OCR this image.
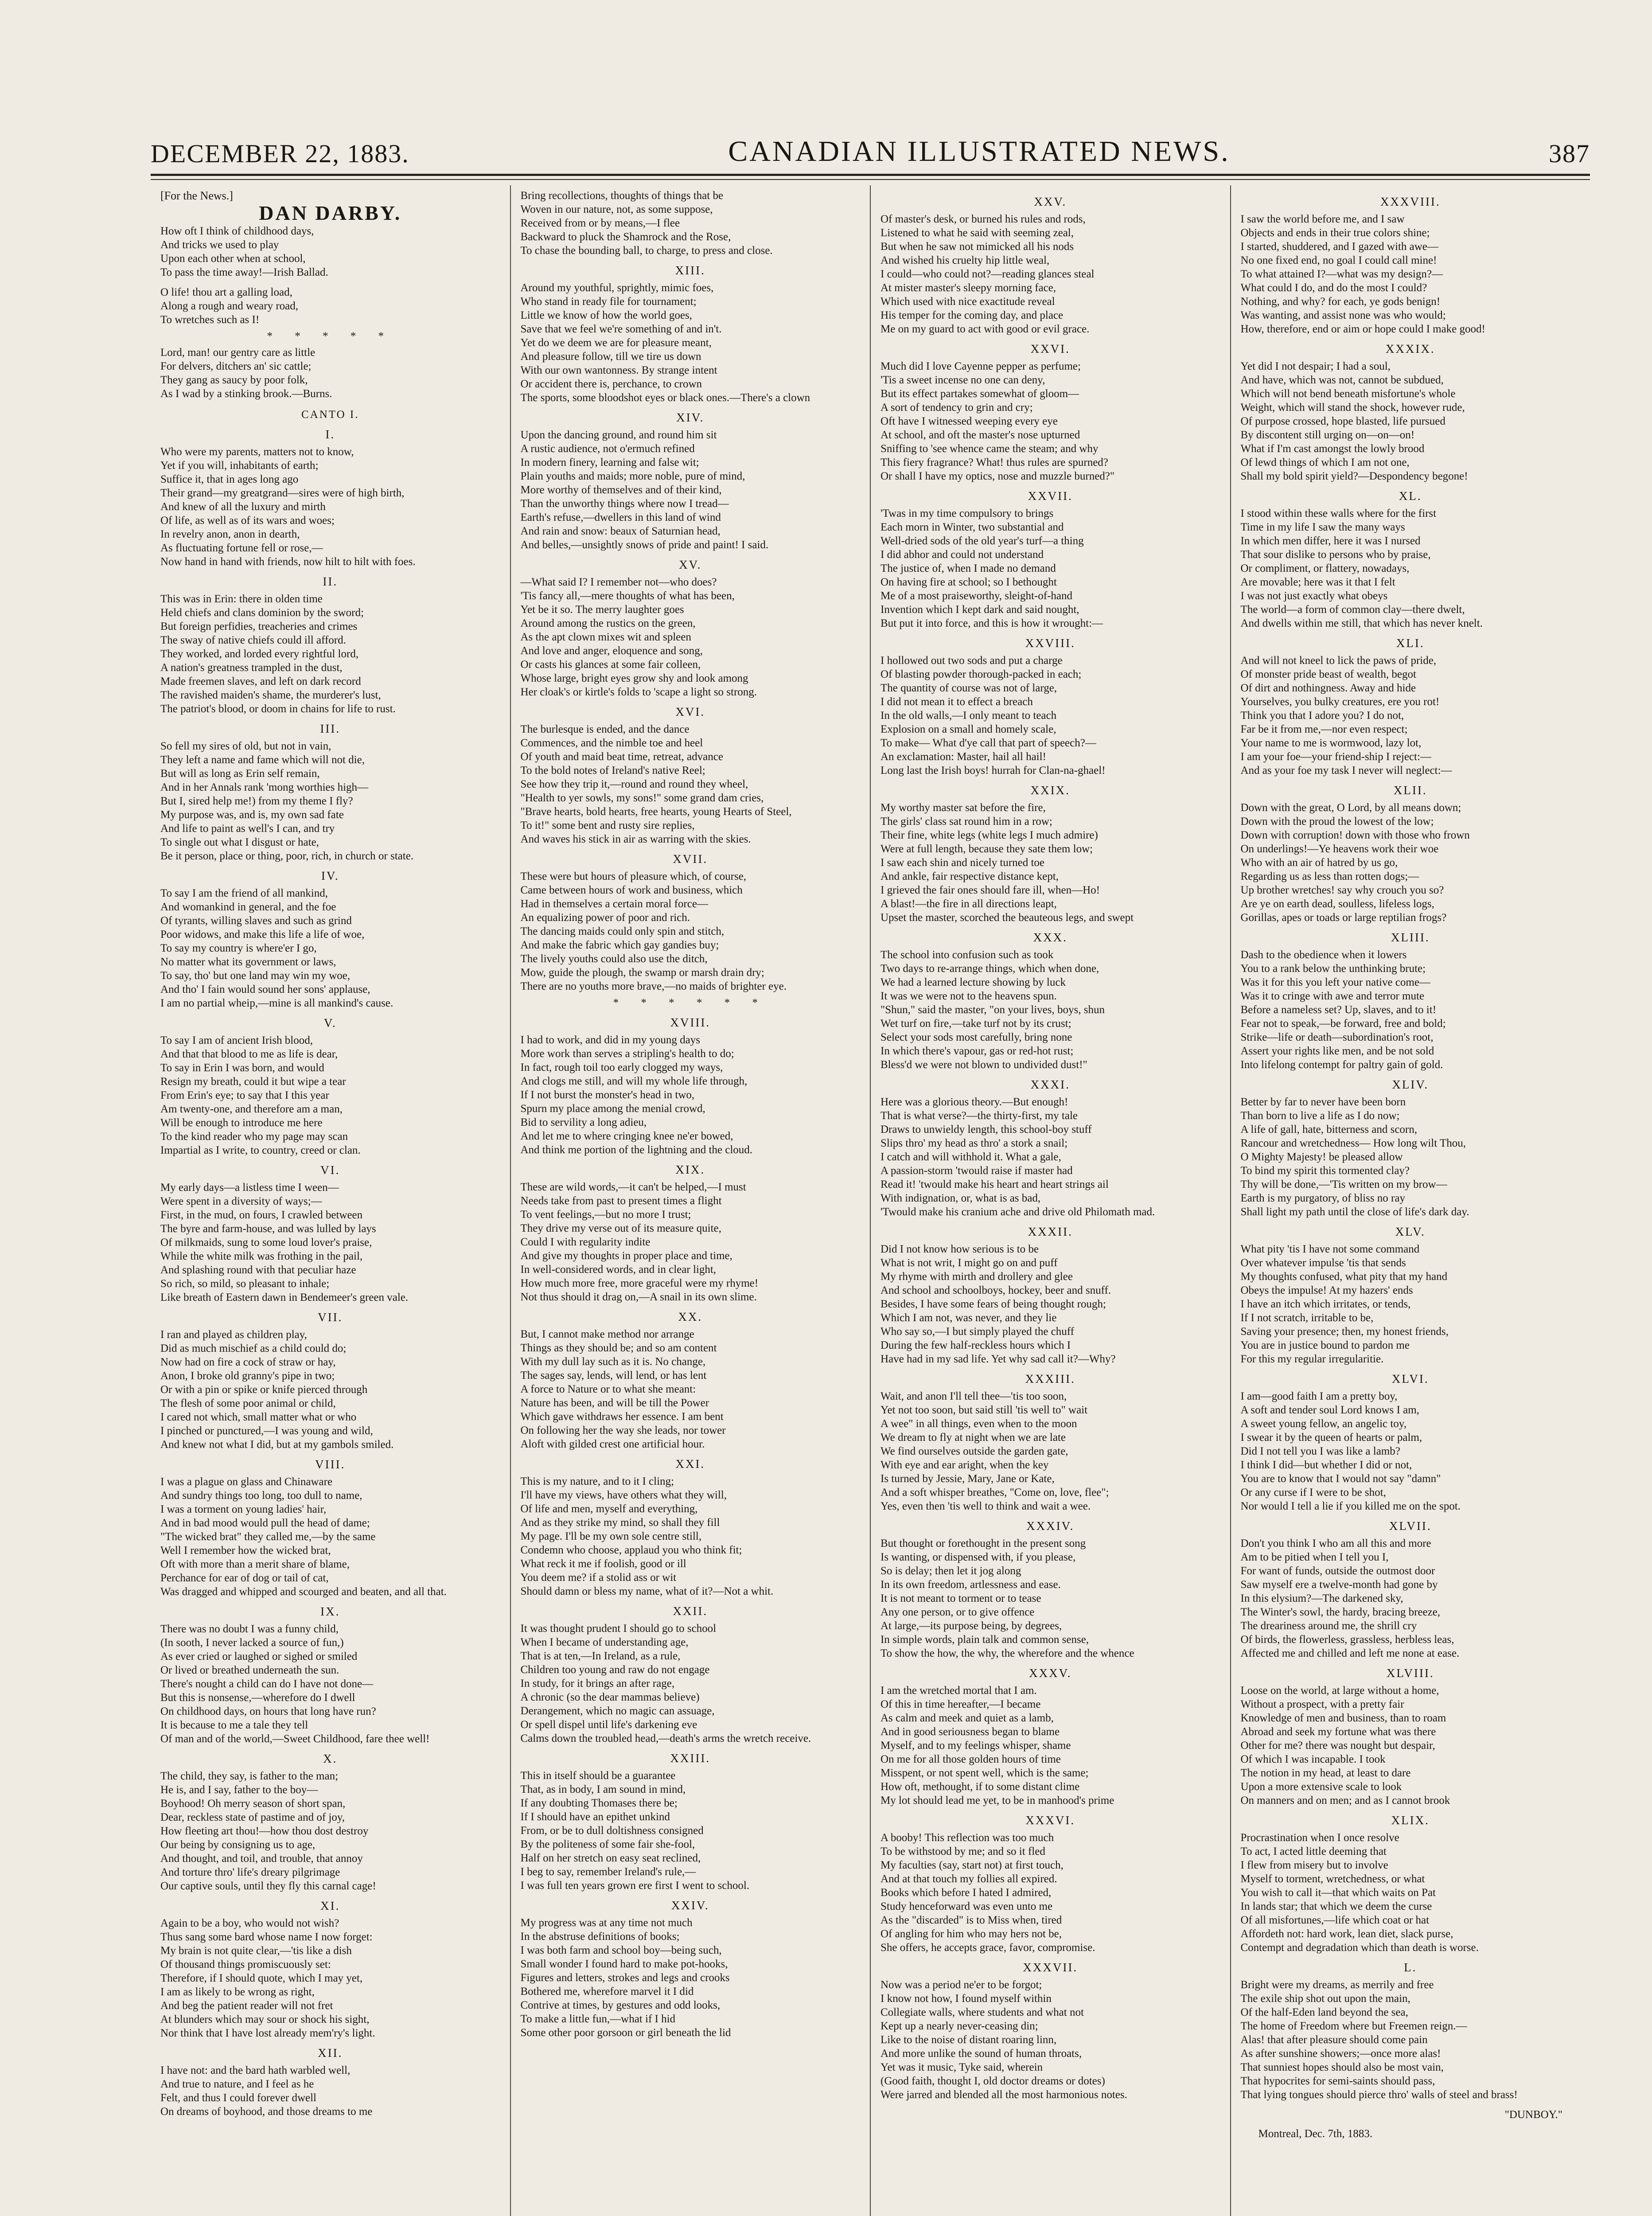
DECEMBER 22, 1883.	CANADIAN ILLUSTRATED NEWS.	387

[For the News.]

DAN DARBY.

How oft I think of childhood days,

And tricks we used to play

Upon each other when at school,

To pass the time away!—Irish Ballad.

O life! thou art a galling load,

Along a rough and weary road,

To wretches such as I!

* * * * *

Lord, man! our gentry care as little

For delvers, ditchers an' sic cattle;

They gang as saucy by poor folk,

As I wad by a stinking brook.—Burns.

CANTO I.

I.

Who were my parents, matters not to know,

Yet if you will, inhabitants of earth;

Suffice it, that in ages long ago

Their grand—my greatgrand—sires were of high birth,

And knew of all the luxury and mirth

Of life, as well as of its wars and woes;

In revelry anon, anon in dearth,

As fluctuating fortune fell or rose,—

Now hand in hand with friends, now hilt to hilt with foes.

II.

This was in Erin: there in olden time

Held chiefs and clans dominion by the sword;

But foreign perfidies, treacheries and crimes

The sway of native chiefs could ill afford.

They worked, and lorded every rightful lord,

A nation's greatness trampled in the dust,

Made freemen slaves, and left on dark record

The ravished maiden's shame, the murderer's lust,

The patriot's blood, or doom in chains for life to rust.

III.

So fell my sires of old, but not in vain,

They left a name and fame which will not die,

But will as long as Erin self remain,

And in her Annals rank 'mong worthies high—

But I, sired help me!) from my theme I fly?

My purpose was, and is, my own sad fate

And life to paint as well's I can, and try

To single out what I disgust or hate,

Be it person, place or thing, poor, rich, in church or state.

IV.

To say I am the friend of all mankind,

And womankind in general, and the foe

Of tyrants, willing slaves and such as grind

Poor widows, and make this life a life of woe,

To say my country is where'er I go,

No matter what its government or laws,

To say, tho' but one land may win my woe,

And tho' I fain would sound her sons' applause,

I am no partial wheip,—mine is all mankind's cause.

V.

To say I am of ancient Irish blood,

And that that blood to me as life is dear,

To say in Erin I was born, and would

Resign my breath, could it but wipe a tear

From Erin's eye; to say that I this year

Am twenty-one, and therefore am a man,

Will be enough to introduce me here

To the kind reader who my page may scan

Impartial as I write, to country, creed or clan.

VI.

My early days—a listless time I ween—

Were spent in a diversity of ways;—

First, in the mud, on fours, I crawled between

The byre and farm-house, and was lulled by lays

Of milkmaids, sung to some loud lover's praise,

While the white milk was frothing in the pail,

And splashing round with that peculiar haze

So rich, so mild, so pleasant to inhale;

Like breath of Eastern dawn in Bendemeer's green vale.

VII.

I ran and played as children play,

Did as much mischief as a child could do;

Now had on fire a cock of straw or hay,

Anon, I broke old granny's pipe in two;

Or with a pin or spike or knife pierced through

The flesh of some poor animal or child,

I cared not which, small matter what or who

I pinched or punctured,—I was young and wild,

And knew not what I did, but at my gambols smiled.

VIII.

I was a plague on glass and Chinaware

And sundry things too long, too dull to name,

I was a torment on young ladies' hair,

And in bad mood would pull the head of dame;

"The wicked brat" they called me,—by the same

Well I remember how the wicked brat,

Oft with more than a merit share of blame,

Perchance for ear of dog or tail of cat,

Was dragged and whipped and scourged and beaten, and all that.

IX.

There was no doubt I was a funny child,

(In sooth, I never lacked a source of fun,)

As ever cried or laughed or sighed or smiled

Or lived or breathed underneath the sun.

There's nought a child can do I have not done—

But this is nonsense,—wherefore do I dwell

On childhood days, on hours that long have run?

It is because to me a tale they tell

Of man and of the world,—Sweet Childhood, fare thee well!

X.

The child, they say, is father to the man;

He is, and I say, father to the boy—

Boyhood! Oh merry season of short span,

Dear, reckless state of pastime and of joy,

How fleeting art thou!—how thou dost destroy

Our being by consigning us to age,

And thought, and toil, and trouble, that annoy

And torture thro' life's dreary pilgrimage

Our captive souls, until they fly this carnal cage!

XI.

Again to be a boy, who would not wish?

Thus sang some bard whose name I now forget:

My brain is not quite clear,—'tis like a dish

Of thousand things promiscuously set:

Therefore, if I should quote, which I may yet,

I am as likely to be wrong as right,

And beg the patient reader will not fret

At blunders which may sour or shock his sight,

Nor think that I have lost already mem'ry's light.

XII.

I have not: and the bard hath warbled well,

And true to nature, and I feel as he

Felt, and thus I could forever dwell

On dreams of boyhood, and those dreams to me

Bring recollections, thoughts of things that be

Woven in our nature, not, as some suppose,

Received from or by means,—I flee

Backward to pluck the Shamrock and the Rose,

To chase the bounding ball, to charge, to press and close.

XIII.

Around my youthful, sprightly, mimic foes,

Who stand in ready file for tournament;

Little we know of how the world goes,

Save that we feel we're something of and in't.

Yet do we deem we are for pleasure meant,

And pleasure follow, till we tire us down

With our own wantonness. By strange intent

Or accident there is, perchance, to crown

The sports, some bloodshot eyes or black ones.—There's a clown

XIV.

Upon the dancing ground, and round him sit

A rustic audience, not o'ermuch refined

In modern finery, learning and false wit;

Plain youths and maids; more noble, pure of mind,

More worthy of themselves and of their kind,

Than the unworthy things where now I tread—

Earth's refuse,—dwellers in this land of wind

And rain and snow: beaux of Saturnian head,

And belles,—unsightly snows of pride and paint! I said.

XV.

—What said I? I remember not—who does?

'Tis fancy all,—mere thoughts of what has been,

Yet be it so. The merry laughter goes

Around among the rustics on the green,

As the apt clown mixes wit and spleen

And love and anger, eloquence and song,

Or casts his glances at some fair colleen,

Whose large, bright eyes grow shy and look among

Her cloak's or kirtle's folds to 'scape a light so strong.

XVI.

The burlesque is ended, and the dance

Commences, and the nimble toe and heel

Of youth and maid beat time, retreat, advance

To the bold notes of Ireland's native Reel;

See how they trip it,—round and round they wheel,

"Health to yer sowls, my sons!" some grand dam cries,

"Brave hearts, bold hearts, free hearts, young Hearts of Steel,

To it!" some bent and rusty sire replies,

And waves his stick in air as warring with the skies.

XVII.

These were but hours of pleasure which, of course,

Came between hours of work and business, which

Had in themselves a certain moral force—

An equalizing power of poor and rich.

The dancing maids could only spin and stitch,

And make the fabric which gay gandies buy;

The lively youths could also use the ditch,

Mow, guide the plough, the swamp or marsh drain dry;

There are no youths more brave,—no maids of brighter eye.

* * * * * *

XVIII.

I had to work, and did in my young days

More work than serves a stripling's health to do;

In fact, rough toil too early clogged my ways,

And clogs me still, and will my whole life through,

If I not burst the monster's head in two,

Spurn my place among the menial crowd,

Bid to servility a long adieu,

And let me to where cringing knee ne'er bowed,

And think me portion of the lightning and the cloud.

XIX.

These are wild words,—it can't be helped,—I must

Needs take from past to present times a flight

To vent feelings,—but no more I trust;

They drive my verse out of its measure quite,

Could I with regularity indite

And give my thoughts in proper place and time,

In well-considered words, and in clear light,

How much more free, more graceful were my rhyme!

Not thus should it drag on,—A snail in its own slime.

XX.

But, I cannot make method nor arrange

Things as they should be; and so am content

With my dull lay such as it is. No change,

The sages say, lends, will lend, or has lent

A force to Nature or to what she meant:

Nature has been, and will be till the Power

Which gave withdraws her essence. I am bent

On following her the way she leads, nor tower

Aloft with gilded crest one artificial hour.

XXI.

This is my nature, and to it I cling;

I'll have my views, have others what they will,

Of life and men, myself and everything,

And as they strike my mind, so shall they fill

My page. I'll be my own sole centre still,

Condemn who choose, applaud you who think fit;

What reck it me if foolish, good or ill

You deem me? if a stolid ass or wit

Should damn or bless my name, what of it?—Not a whit.

XXII.

It was thought prudent I should go to school

When I became of understanding age,

That is at ten,—In Ireland, as a rule,

Children too young and raw do not engage

In study, for it brings an after rage,

A chronic (so the dear mammas believe)

Derangement, which no magic can assuage,

Or spell dispel until life's darkening eve

Calms down the troubled head,—death's arms the wretch receive.

XXIII.

This in itself should be a guarantee

That, as in body, I am sound in mind,

If any doubting Thomases there be;

If I should have an epithet unkind

From, or be to dull doltishness consigned

By the politeness of some fair she-fool,

Half on her stretch on easy seat reclined,

I beg to say, remember Ireland's rule,—

I was full ten years grown ere first I went to school.

XXIV.

My progress was at any time not much

In the abstruse definitions of books;

I was both farm and school boy—being such,

Small wonder I found hard to make pot-hooks,

Figures and letters, strokes and legs and crooks

Bothered me, wherefore marvel it I did

Contrive at times, by gestures and odd looks,

To make a little fun,—what if I hid

Some other poor gorsoon or girl beneath the lid

XXV.

Of master's desk, or burned his rules and rods,

Listened to what he said with seeming zeal,

But when he saw not mimicked all his nods

And wished his cruelty hip little weal,

I could—who could not?—reading glances steal

At mister master's sleepy morning face,

Which used with nice exactitude reveal

His temper for the coming day, and place

Me on my guard to act with good or evil grace.

XXVI.

Much did I love Cayenne pepper as perfume;

'Tis a sweet incense no one can deny,

But its effect partakes somewhat of gloom—

A sort of tendency to grin and cry;

Oft have I witnessed weeping every eye

At school, and oft the master's nose upturned

Sniffing to 'see whence came the steam; and why

This fiery fragrance? What! thus rules are spurned?

Or shall I have my optics, nose and muzzle burned?"

XXVII.

'Twas in my time compulsory to brings

Each morn in Winter, two substantial and

Well-dried sods of the old year's turf—a thing

I did abhor and could not understand

The justice of, when I made no demand

On having fire at school; so I bethought

Me of a most praiseworthy, sleight-of-hand

Invention which I kept dark and said nought,

But put it into force, and this is how it wrought:—

XXVIII.

I hollowed out two sods and put a charge

Of blasting powder thorough-packed in each;

The quantity of course was not of large,

I did not mean it to effect a breach

In the old walls,—I only meant to teach

Explosion on a small and homely scale,

To make— What d'ye call that part of speech?—

An exclamation: Master, hail all hail!

Long last the Irish boys! hurrah for Clan-na-ghael!

XXIX.

My worthy master sat before the fire,

The girls' class sat round him in a row;

Their fine, white legs (white legs I much admire)

Were at full length, because they sate them low;

I saw each shin and nicely turned toe

And ankle, fair respective distance kept,

I grieved the fair ones should fare ill, when—Ho!

A blast!—the fire in all directions leapt,

Upset the master, scorched the beauteous legs, and swept

XXX.

The school into confusion such as took

Two days to re-arrange things, which when done,

We had a learned lecture showing by luck

It was we were not to the heavens spun.

"Shun," said the master, "on your lives, boys, shun

Wet turf on fire,—take turf not by its crust;

Select your sods most carefully, bring none

In which there's vapour, gas or red-hot rust;

Bless'd we were not blown to undivided dust!"

XXXI.

Here was a glorious theory.—But enough!

That is what verse?—the thirty-first, my tale

Draws to unwieldy length, this school-boy stuff

Slips thro' my head as thro' a stork a snail;

I catch and will withhold it. What a gale,

A passion-storm 'twould raise if master had

Read it! 'twould make his heart and heart strings ail

With indignation, or, what is as bad,

'Twould make his cranium ache and drive old Philomath mad.

XXXII.

Did I not know how serious is to be

What is not writ, I might go on and puff

My rhyme with mirth and drollery and glee

And school and schoolboys, hockey, beer and snuff.

Besides, I have some fears of being thought rough;

Which I am not, was never, and they lie

Who say so,—I but simply played the chuff

During the few half-reckless hours which I

Have had in my sad life. Yet why sad call it?—Why?

XXXIII.

Wait, and anon I'll tell thee—'tis too soon,

Yet not too soon, but said still 'tis well to" wait

A wee" in all things, even when to the moon

We dream to fly at night when we are late

We find ourselves outside the garden gate,

With eye and ear aright, when the key

Is turned by Jessie, Mary, Jane or Kate,

And a soft whisper breathes, "Come on, love, flee";

Yes, even then 'tis well to think and wait a wee.

XXXIV.

But thought or forethought in the present song

Is wanting, or dispensed with, if you please,

So is delay; then let it jog along

In its own freedom, artlessness and ease.

It is not meant to torment or to tease

Any one person, or to give offence

At large,—its purpose being, by degrees,

In simple words, plain talk and common sense,

To show the how, the why, the wherefore and the whence

XXXV.

I am the wretched mortal that I am.

Of this in time hereafter,—I became

As calm and meek and quiet as a lamb,

And in good seriousness began to blame

Myself, and to my feelings whisper, shame

On me for all those golden hours of time

Misspent, or not spent well, which is the same;

How oft, methought, if to some distant clime

My lot should lead me yet, to be in manhood's prime

XXXVI.

A booby! This reflection was too much

To be withstood by me; and so it fled

My faculties (say, start not) at first touch,

And at that touch my follies all expired.

Books which before I hated I admired,

Study henceforward was even unto me

As the "discarded" is to Miss when, tired

Of angling for him who may hers not be,

She offers, he accepts grace, favor, compromise.

XXXVII.

Now was a period ne'er to be forgot;

I know not how, I found myself within

Collegiate walls, where students and what not

Kept up a nearly never-ceasing din;

Like to the noise of distant roaring linn,

And more unlike the sound of human throats,

Yet was it music, Tyke said, wherein

(Good faith, thought I, old doctor dreams or dotes)

Were jarred and blended all the most harmonious notes.

XXXVIII.

I saw the world before me, and I saw

Objects and ends in their true colors shine;

I started, shuddered, and I gazed with awe—

No one fixed end, no goal I could call mine!

To what attained I?—what was my design?—

What could I do, and do the most I could?

Nothing, and why? for each, ye gods benign!

Was wanting, and assist none was who would;

How, therefore, end or aim or hope could I make good!

XXXIX.

Yet did I not despair; I had a soul,

And have, which was not, cannot be subdued,

Which will not bend beneath misfortune's whole

Weight, which will stand the shock, however rude,

Of purpose crossed, hope blasted, life pursued

By discontent still urging on—on—on!

What if I'm cast amongst the lowly brood

Of lewd things of which I am not one,

Shall my bold spirit yield?—Despondency begone!

XL.

I stood within these walls where for the first

Time in my life I saw the many ways

In which men differ, here it was I nursed

That sour dislike to persons who by praise,

Or compliment, or flattery, nowadays,

Are movable; here was it that I felt

I was not just exactly what obeys

The world—a form of common clay—there dwelt,

And dwells within me still, that which has never knelt.

XLI.

And will not kneel to lick the paws of pride,

Of monster pride beast of wealth, begot

Of dirt and nothingness. Away and hide

Yourselves, you bulky creatures, ere you rot!

Think you that I adore you? I do not,

Far be it from me,—nor even respect;

Your name to me is wormwood, lazy lot,

I am your foe—your friend-ship I reject:—

And as your foe my task I never will neglect:—

XLII.

Down with the great, O Lord, by all means down;

Down with the proud the lowest of the low;

Down with corruption! down with those who frown

On underlings!—Ye heavens work their woe

Who with an air of hatred by us go,

Regarding us as less than rotten dogs;—

Up brother wretches! say why crouch you so?

Are ye on earth dead, soulless, lifeless logs,

Gorillas, apes or toads or large reptilian frogs?

XLIII.

Dash to the obedience when it lowers

You to a rank below the unthinking brute;

Was it for this you left your native come—

Was it to cringe with awe and terror mute

Before a nameless set? Up, slaves, and to it!

Fear not to speak,—be forward, free and bold;

Strike—life or death—subordination's root,

Assert your rights like men, and be not sold

Into lifelong contempt for paltry gain of gold.

XLIV.

Better by far to never have been born

Than born to live a life as I do now;

A life of gall, hate, bitterness and scorn,

Rancour and wretchedness— How long wilt Thou,

O Mighty Majesty! be pleased allow

To bind my spirit this tormented clay?

Thy will be done,—'Tis written on my brow—

Earth is my purgatory, of bliss no ray

Shall light my path until the close of life's dark day.

XLV.

What pity 'tis I have not some command

Over whatever impulse 'tis that sends

My thoughts confused, what pity that my hand

Obeys the impulse! At my hazers' ends

I have an itch which irritates, or tends,

If I not scratch, irritable to be,

Saving your presence; then, my honest friends,

You are in justice bound to pardon me

For this my regular irregularitie.

XLVI.

I am—good faith I am a pretty boy,

A soft and tender soul Lord knows I am,

A sweet young fellow, an angelic toy,

I swear it by the queen of hearts or palm,

Did I not tell you I was like a lamb?

I think I did—but whether I did or not,

You are to know that I would not say "damn"

Or any curse if I were to be shot,

Nor would I tell a lie if you killed me on the spot.

XLVII.

Don't you think I who am all this and more

Am to be pitied when I tell you I,

For want of funds, outside the outmost door

Saw myself ere a twelve-month had gone by

In this elysium?—The darkened sky,

The Winter's sowl, the hardy, bracing breeze,

The dreariness around me, the shrill cry

Of birds, the flowerless, grassless, herbless leas,

Affected me and chilled and left me none at ease.

XLVIII.

Loose on the world, at large without a home,

Without a prospect, with a pretty fair

Knowledge of men and business, than to roam

Abroad and seek my fortune what was there

Other for me? there was nought but despair,

Of which I was incapable. I took

The notion in my head, at least to dare

Upon a more extensive scale to look

On manners and on men; and as I cannot brook

XLIX.

Procrastination when I once resolve

To act, I acted little deeming that

I flew from misery but to involve

Myself to torment, wretchedness, or what

You wish to call it—that which waits on Pat

In lands star; that which we deem the curse

Of all misfortunes,—life which coat or hat

Affordeth not: hard work, lean diet, slack purse,

Contempt and degradation which than death is worse.

L.

Bright were my dreams, as merrily and free

The exile ship shot out upon the main,

Of the half-Eden land beyond the sea,

The home of Freedom where but Freemen reign.—

Alas! that after pleasure should come pain

As after sunshine showers;—once more alas!

That sunniest hopes should also be most vain,

That hypocrites for semi-saints should pass,

That lying tongues should pierce thro' walls of steel and brass!

"DUNBOY."

Montreal, Dec. 7th, 1883.
